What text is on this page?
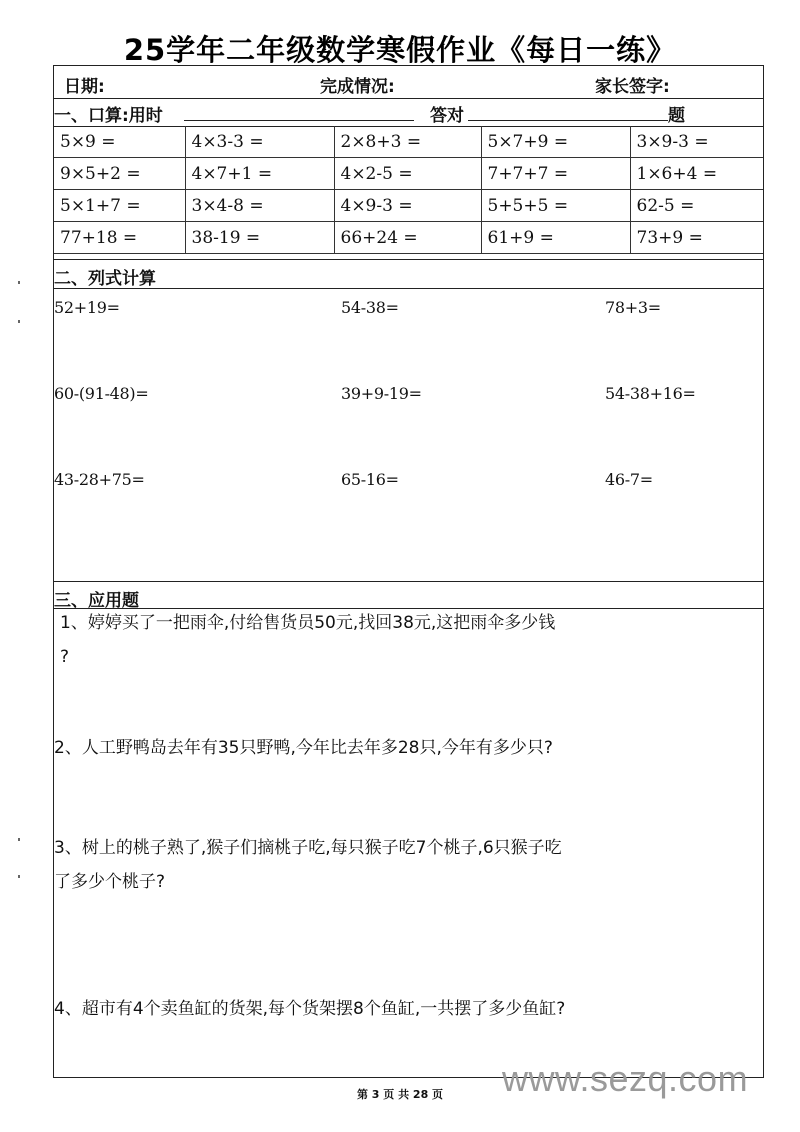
25学年二年级数学寒假作业《每日一练》
日期:	完成情况:	家长签字:
一、口算:用时	答对	题
5×9 =	4×3-3 =	2×8+3 =	5×7+9 =	3×9-3 =
9×5+2 =	4×7+1 =	4×2-5 =	7+7+7 =	1×6+4 =
5×1+7 =	3×4-8 =	4×9-3 =	5+5+5 =	62-5 =
77+18 =	38-19 =	66+24 =	61+9 =	73+9 =
二、列式计算
52+19=	54-38=	78+3=
60-(91-48)=	39+9-19=	54-38+16=
43-28+75=	65-16=	46-7=
三、应用题
1、婷婷买了一把雨伞,付给售货员50元,找回38元,这把雨伞多少钱
?
2、人工野鸭岛去年有35只野鸭,今年比去年多28只,今年有多少只?
3、树上的桃子熟了,猴子们摘桃子吃,每只猴子吃7个桃子,6只猴子吃
了多少个桃子?
4、超市有4个卖鱼缸的货架,每个货架摆8个鱼缸,一共摆了多少鱼缸?
www.sezq.com
第 3 页 共 28 页
